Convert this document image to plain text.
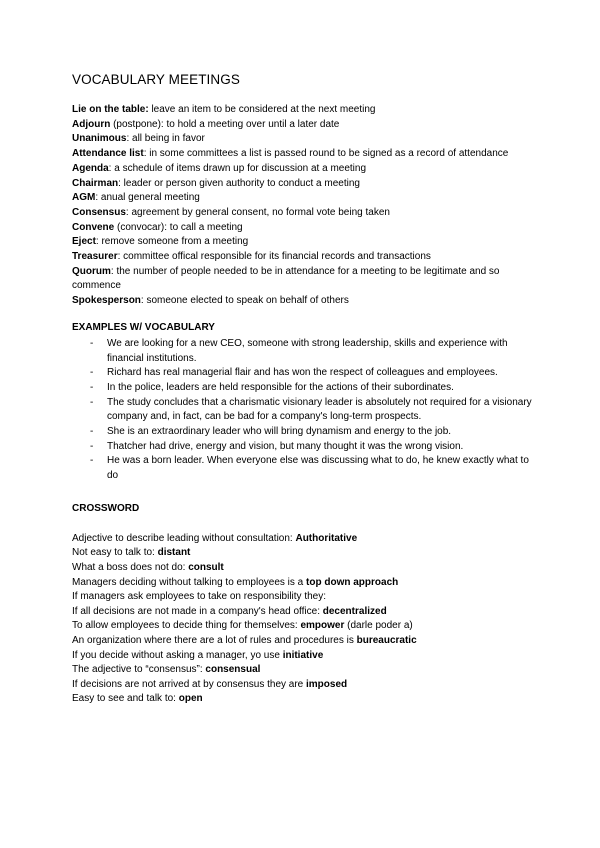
VOCABULARY MEETINGS
Lie on the table: leave an item to be considered at the next meeting
Adjourn (postpone): to hold a meeting over until a later date
Unanimous: all being in favor
Attendance list: in some committees a list is passed round to be signed as a record of attendance
Agenda: a schedule of items drawn up for discussion at a meeting
Chairman: leader or person given authority to conduct a meeting
AGM: anual general meeting
Consensus: agreement by general consent, no formal vote being taken
Convene (convocar): to call a meeting
Eject: remove someone from a meeting
Treasurer: committee offical responsible for its financial records and transactions
Quorum: the number of people needed to be in attendance for a meeting to be legitimate and so commence
Spokesperson: someone elected to speak on behalf of others
EXAMPLES W/ VOCABULARY
- We are looking for a new CEO, someone with strong leadership, skills and experience with financial institutions.
- Richard has real managerial flair and has won the respect of colleagues and employees.
- In the police, leaders are held responsible for the actions of their subordinates.
- The study concludes that a charismatic visionary leader is absolutely not required for a visionary company and, in fact, can be bad for a company's long-term prospects.
- She is an extraordinary leader who will bring dynamism and energy to the job.
- Thatcher had drive, energy and vision, but many thought it was the wrong vision.
- He was a born leader. When everyone else was discussing what to do, he knew exactly what to do
CROSSWORD
Adjective to describe leading without consultation: Authoritative
Not easy to talk to: distant
What a boss does not do: consult
Managers deciding without talking to employees is a top down approach
If managers ask employees to take on responsibility they:
If all decisions are not made in a company's head office: decentralized
To allow employees to decide thing for themselves: empower (darle poder a)
An organization where there are a lot of rules and procedures is bureaucratic
If you decide without asking a manager, yo use initiative
The adjective to “consensus”: consensual
If decisions are not arrived at by consensus they are imposed
Easy to see and talk to: open
